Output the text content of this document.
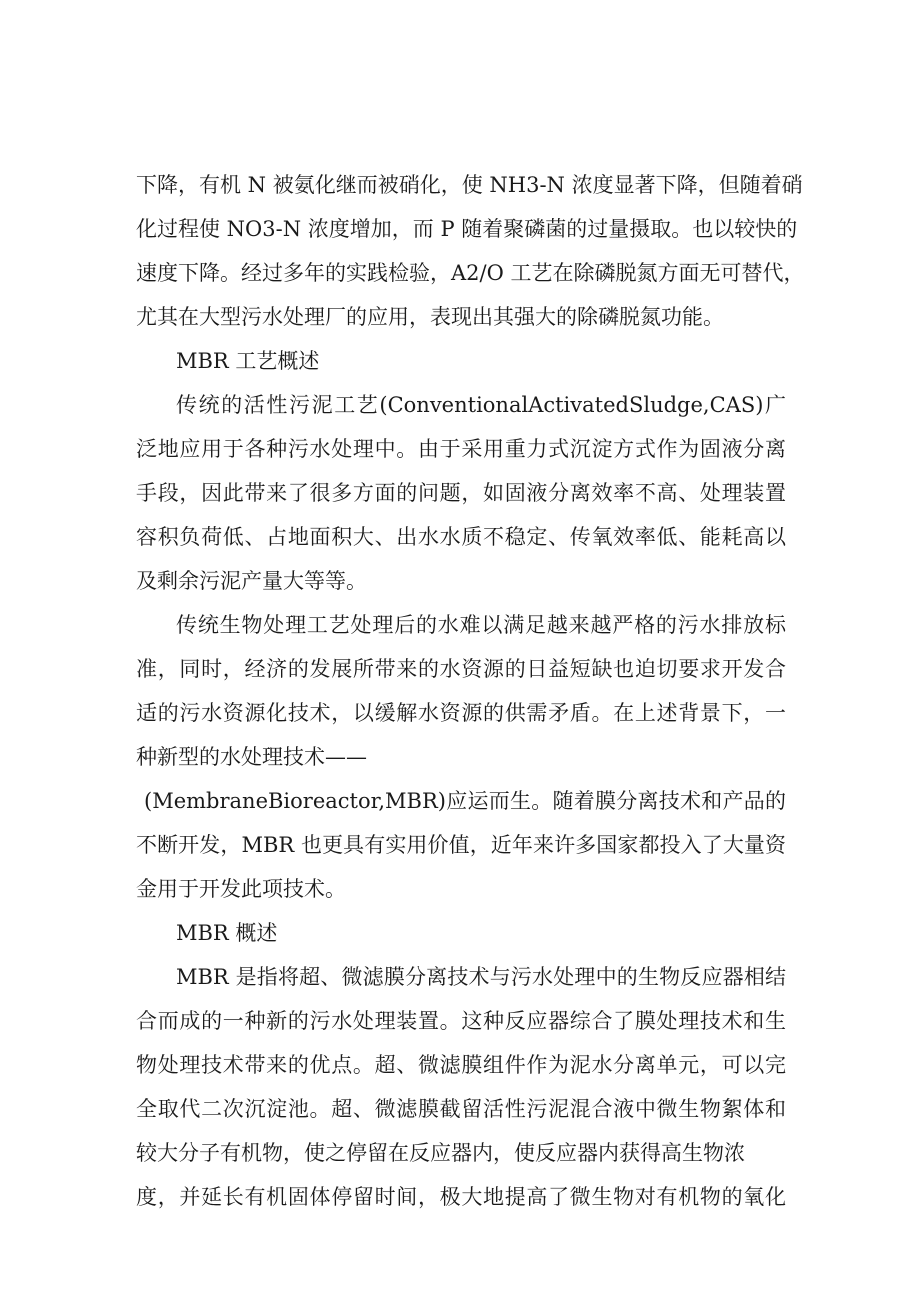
下降，有机 N 被氨化继而被硝化，使 NH3-N 浓度显著下降，但随着硝
化过程使 NO3-N 浓度增加，而 P 随着聚磷菌的过量摄取。也以较快的
速度下降。经过多年的实践检验，A2/O 工艺在除磷脱氮方面无可替代，
尤其在大型污水处理厂的应用，表现出其强大的除磷脱氮功能。
MBR 工艺概述
传统的活性污泥工艺(ConventionalActivatedSludge,CAS)广
泛地应用于各种污水处理中。由于采用重力式沉淀方式作为固液分离
手段，因此带来了很多方面的问题，如固液分离效率不高、处理装置
容积负荷低、占地面积大、出水水质不稳定、传氧效率低、能耗高以
及剩余污泥产量大等等。
传统生物处理工艺处理后的水难以满足越来越严格的污水排放标
准，同时，经济的发展所带来的水资源的日益短缺也迫切要求开发合
适的污水资源化技术，以缓解水资源的供需矛盾。在上述背景下，一
种新型的水处理技术——
(MembraneBioreactor,MBR)应运而生。随着膜分离技术和产品的
不断开发，MBR 也更具有实用价值，近年来许多国家都投入了大量资
金用于开发此项技术。
MBR 概述
MBR 是指将超、微滤膜分离技术与污水处理中的生物反应器相结
合而成的一种新的污水处理装置。这种反应器综合了膜处理技术和生
物处理技术带来的优点。超、微滤膜组件作为泥水分离单元，可以完
全取代二次沉淀池。超、微滤膜截留活性污泥混合液中微生物絮体和
较大分子有机物，使之停留在反应器内，使反应器内获得高生物浓
度，并延长有机固体停留时间，极大地提高了微生物对有机物的氧化
